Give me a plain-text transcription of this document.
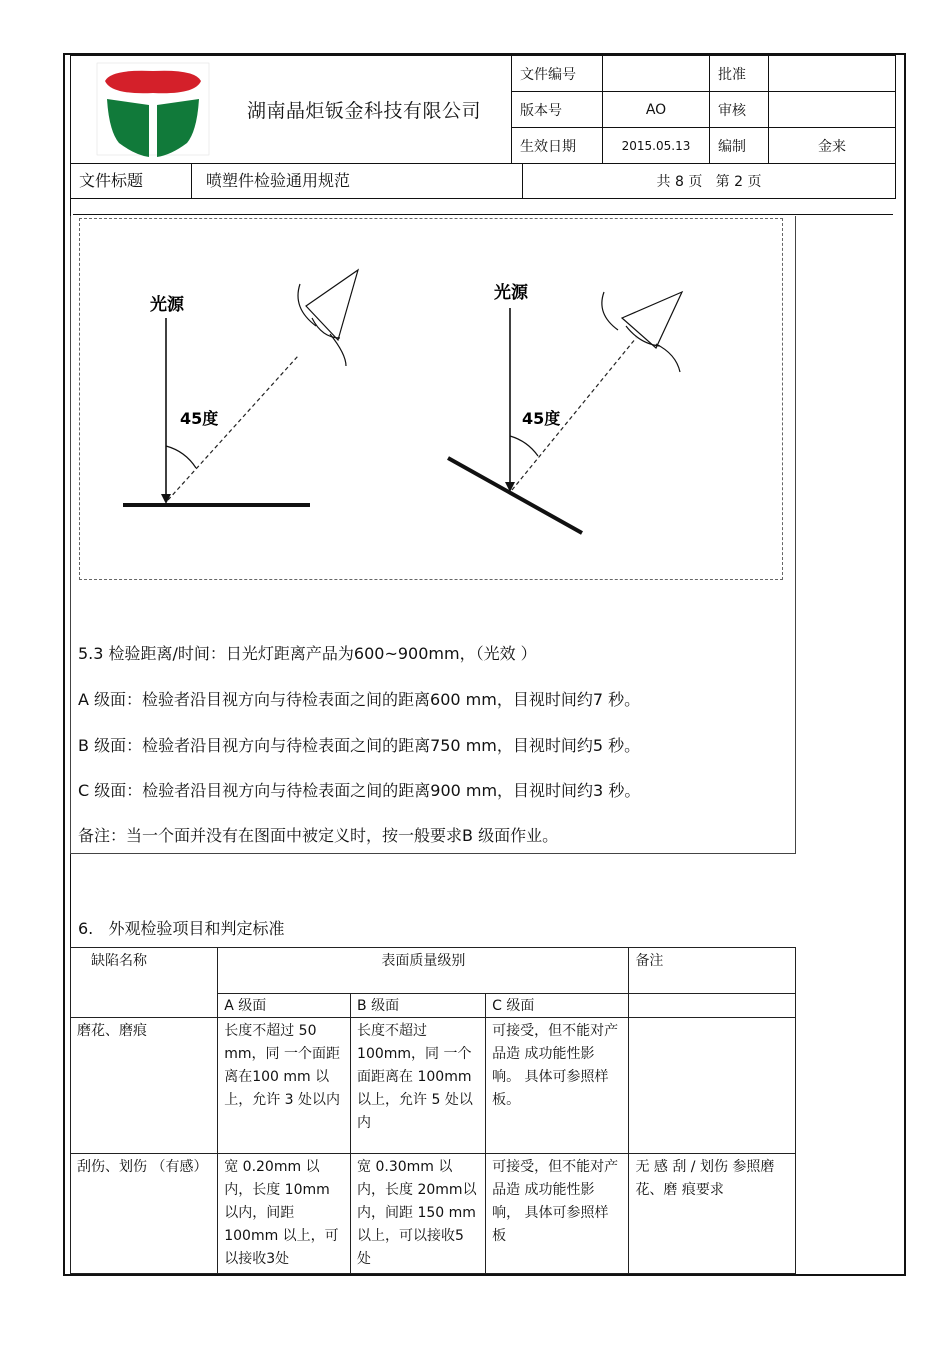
湖南晶炬钣金科技有限公司	文件编号		批准	
	版本号	AO	审核	
	生效日期	2015.05.13	编制	金来

文件标题 喷塑件检验通用规范 共 8 页   第 2 页				
光源
45度
光源
45度
5.3 检验距离/时间：日光灯距离产品为600~900mm，（光效 ）
A 级面：检验者沿目视方向与待检表面之间的距离600 mm，目视时间约7 秒。
B 级面：检验者沿目视方向与待检表面之间的距离750 mm，目视时间约5 秒。
C 级面：检验者沿目视方向与待检表面之间的距离900 mm，目视时间约3 秒。
备注：当一个面并没有在图面中被定义时，按一般要求B 级面作业。
6.   外观检验项目和判定标准
缺陷名称	表面质量级别			备注
	A 级面	B 级面	C 级面	
磨花、磨痕	长度不超过 50 mm，同 一个面距离在100 mm 以上，允许 3 处以内	长度不超过 100mm，同 一个面距离在 100mm 以上，允许 5 处以内	可接受，但不能对产品造 成功能性影响。 具体可参照样板。	
刮伤、划伤 （有感）	宽 0.20mm 以内，长度 10mm 以内，间距 100mm 以上，可以接收3处	宽 0.30mm 以内，长度 20mm以内，间距 150 mm以上，可以接收5 处	可接受，但不能对产品造 成功能性影响， 具体可参照样板	无 感 刮 / 划伤 参照磨花、磨 痕要求
